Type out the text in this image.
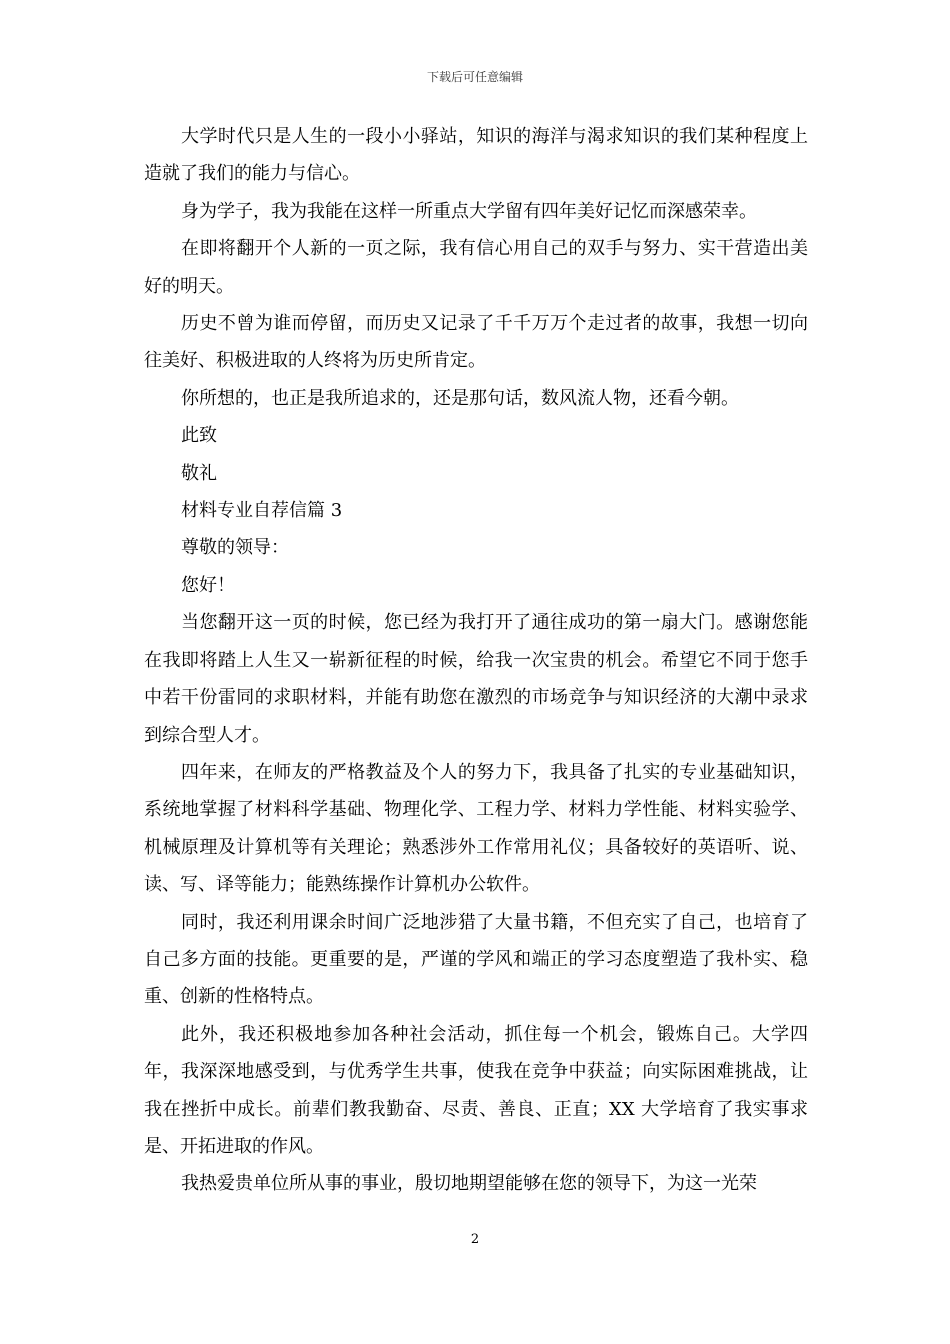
下载后可任意编辑

大学时代只是人生的一段小小驿站，知识的海洋与渴求知识的我们某种程度上造就了我们的能力与信心。

身为学子，我为我能在这样一所重点大学留有四年美好记忆而深感荣幸。

在即将翻开个人新的一页之际，我有信心用自己的双手与努力、实干营造出美好的明天。

历史不曾为谁而停留，而历史又记录了千千万万个走过者的故事，我想一切向往美好、积极进取的人终将为历史所肯定。

你所想的，也正是我所追求的，还是那句话，数风流人物，还看今朝。

此致

敬礼

材料专业自荐信篇 3

尊敬的领导：

您好！

当您翻开这一页的时候，您已经为我打开了通往成功的第一扇大门。感谢您能在我即将踏上人生又一崭新征程的时候，给我一次宝贵的机会。希望它不同于您手中若干份雷同的求职材料，并能有助您在激烈的市场竞争与知识经济的大潮中录求到综合型人才。

四年来，在师友的严格教益及个人的努力下，我具备了扎实的专业基础知识，系统地掌握了材料科学基础、物理化学、工程力学、材料力学性能、材料实验学、机械原理及计算机等有关理论；熟悉涉外工作常用礼仪；具备较好的英语听、说、读、写、译等能力；能熟练操作计算机办公软件。

同时，我还利用课余时间广泛地涉猎了大量书籍，不但充实了自己，也培育了自己多方面的技能。更重要的是，严谨的学风和端正的学习态度塑造了我朴实、稳重、创新的性格特点。

此外，我还积极地参加各种社会活动，抓住每一个机会，锻炼自己。大学四年，我深深地感受到，与优秀学生共事，使我在竞争中获益；向实际困难挑战，让我在挫折中成长。前辈们教我勤奋、尽责、善良、正直；XX 大学培育了我实事求是、开拓进取的作风。

我热爱贵单位所从事的事业，殷切地期望能够在您的领导下，为这一光荣

2
